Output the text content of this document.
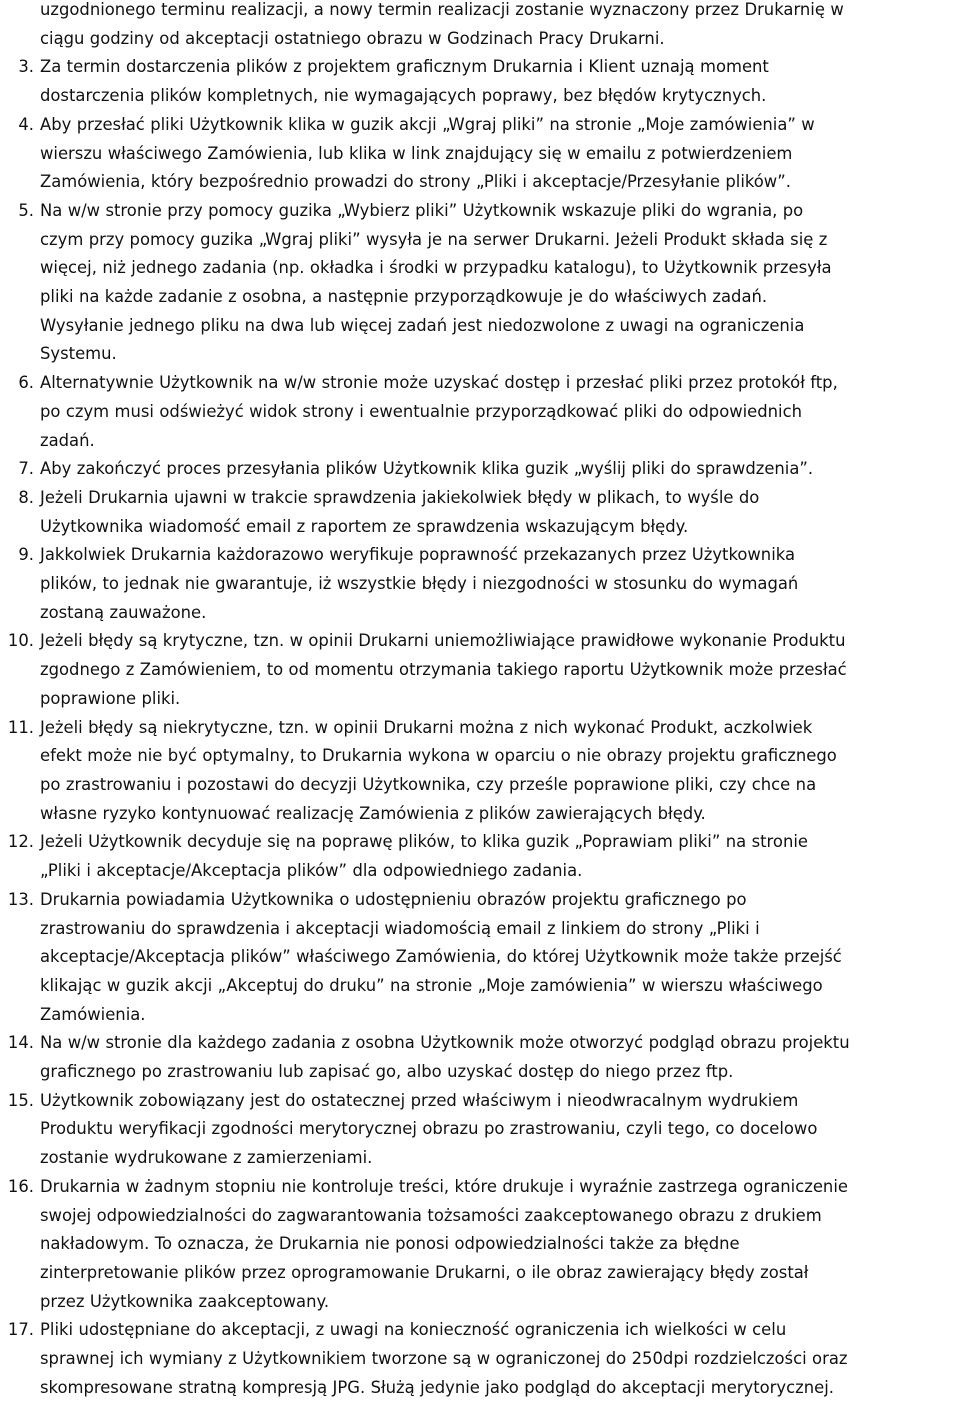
uzgodnionego terminu realizacji, a nowy termin realizacji zostanie wyznaczony przez Drukarnię w
ciągu godziny od akceptacji ostatniego obrazu w Godzinach Pracy Drukarni.
3. Za termin dostarczenia plików z projektem graficznym Drukarnia i Klient uznają moment
dostarczenia plików kompletnych, nie wymagających poprawy, bez błędów krytycznych.
4. Aby przesłać pliki Użytkownik klika w guzik akcji „Wgraj pliki” na stronie „Moje zamówienia” w
wierszu właściwego Zamówienia, lub klika w link znajdujący się w emailu z potwierdzeniem
Zamówienia, który bezpośrednio prowadzi do strony „Pliki i akceptacje/Przesyłanie plików”.
5. Na w/w stronie przy pomocy guzika „Wybierz pliki” Użytkownik wskazuje pliki do wgrania, po
czym przy pomocy guzika „Wgraj pliki” wysyła je na serwer Drukarni. Jeżeli Produkt składa się z
więcej, niż jednego zadania (np. okładka i środki w przypadku katalogu), to Użytkownik przesyła
pliki na każde zadanie z osobna, a następnie przyporządkowuje je do właściwych zadań.
Wysyłanie jednego pliku na dwa lub więcej zadań jest niedozwolone z uwagi na ograniczenia
Systemu.
6. Alternatywnie Użytkownik na w/w stronie może uzyskać dostęp i przesłać pliki przez protokół ftp,
po czym musi odświeżyć widok strony i ewentualnie przyporządkować pliki do odpowiednich
zadań.
7. Aby zakończyć proces przesyłania plików Użytkownik klika guzik „wyślij pliki do sprawdzenia”.
8. Jeżeli Drukarnia ujawni w trakcie sprawdzenia jakiekolwiek błędy w plikach, to wyśle do
Użytkownika wiadomość email z raportem ze sprawdzenia wskazującym błędy.
9. Jakkolwiek Drukarnia każdorazowo weryfikuje poprawność przekazanych przez Użytkownika
plików, to jednak nie gwarantuje, iż wszystkie błędy i niezgodności w stosunku do wymagań
zostaną zauważone.
10. Jeżeli błędy są krytyczne, tzn. w opinii Drukarni uniemożliwiające prawidłowe wykonanie Produktu
zgodnego z Zamówieniem, to od momentu otrzymania takiego raportu Użytkownik może przesłać
poprawione pliki.
11. Jeżeli błędy są niekrytyczne, tzn. w opinii Drukarni można z nich wykonać Produkt, aczkolwiek
efekt może nie być optymalny, to Drukarnia wykona w oparciu o nie obrazy projektu graficznego
po zrastrowaniu i pozostawi do decyzji Użytkownika, czy prześle poprawione pliki, czy chce na
własne ryzyko kontynuować realizację Zamówienia z plików zawierających błędy.
12. Jeżeli Użytkownik decyduje się na poprawę plików, to klika guzik „Poprawiam pliki” na stronie
„Pliki i akceptacje/Akceptacja plików” dla odpowiedniego zadania.
13. Drukarnia powiadamia Użytkownika o udostępnieniu obrazów projektu graficznego po
zrastrowaniu do sprawdzenia i akceptacji wiadomością email z linkiem do strony „Pliki i
akceptacje/Akceptacja plików” właściwego Zamówienia, do której Użytkownik może także przejść
klikając w guzik akcji „Akceptuj do druku” na stronie „Moje zamówienia” w wierszu właściwego
Zamówienia.
14. Na w/w stronie dla każdego zadania z osobna Użytkownik może otworzyć podgląd obrazu projektu
graficznego po zrastrowaniu lub zapisać go, albo uzyskać dostęp do niego przez ftp.
15. Użytkownik zobowiązany jest do ostatecznej przed właściwym i nieodwracalnym wydrukiem
Produktu weryfikacji zgodności merytorycznej obrazu po zrastrowaniu, czyli tego, co docelowo
zostanie wydrukowane z zamierzeniami.
16. Drukarnia w żadnym stopniu nie kontroluje treści, które drukuje i wyraźnie zastrzega ograniczenie
swojej odpowiedzialności do zagwarantowania tożsamości zaakceptowanego obrazu z drukiem
nakładowym. To oznacza, że Drukarnia nie ponosi odpowiedzialności także za błędne
zinterpretowanie plików przez oprogramowanie Drukarni, o ile obraz zawierający błędy został
przez Użytkownika zaakceptowany.
17. Pliki udostępniane do akceptacji, z uwagi na konieczność ograniczenia ich wielkości w celu
sprawnej ich wymiany z Użytkownikiem tworzone są w ograniczonej do 250dpi rozdzielczości oraz
skompresowane stratną kompresją JPG. Służą jedynie jako podgląd do akceptacji merytorycznej.
